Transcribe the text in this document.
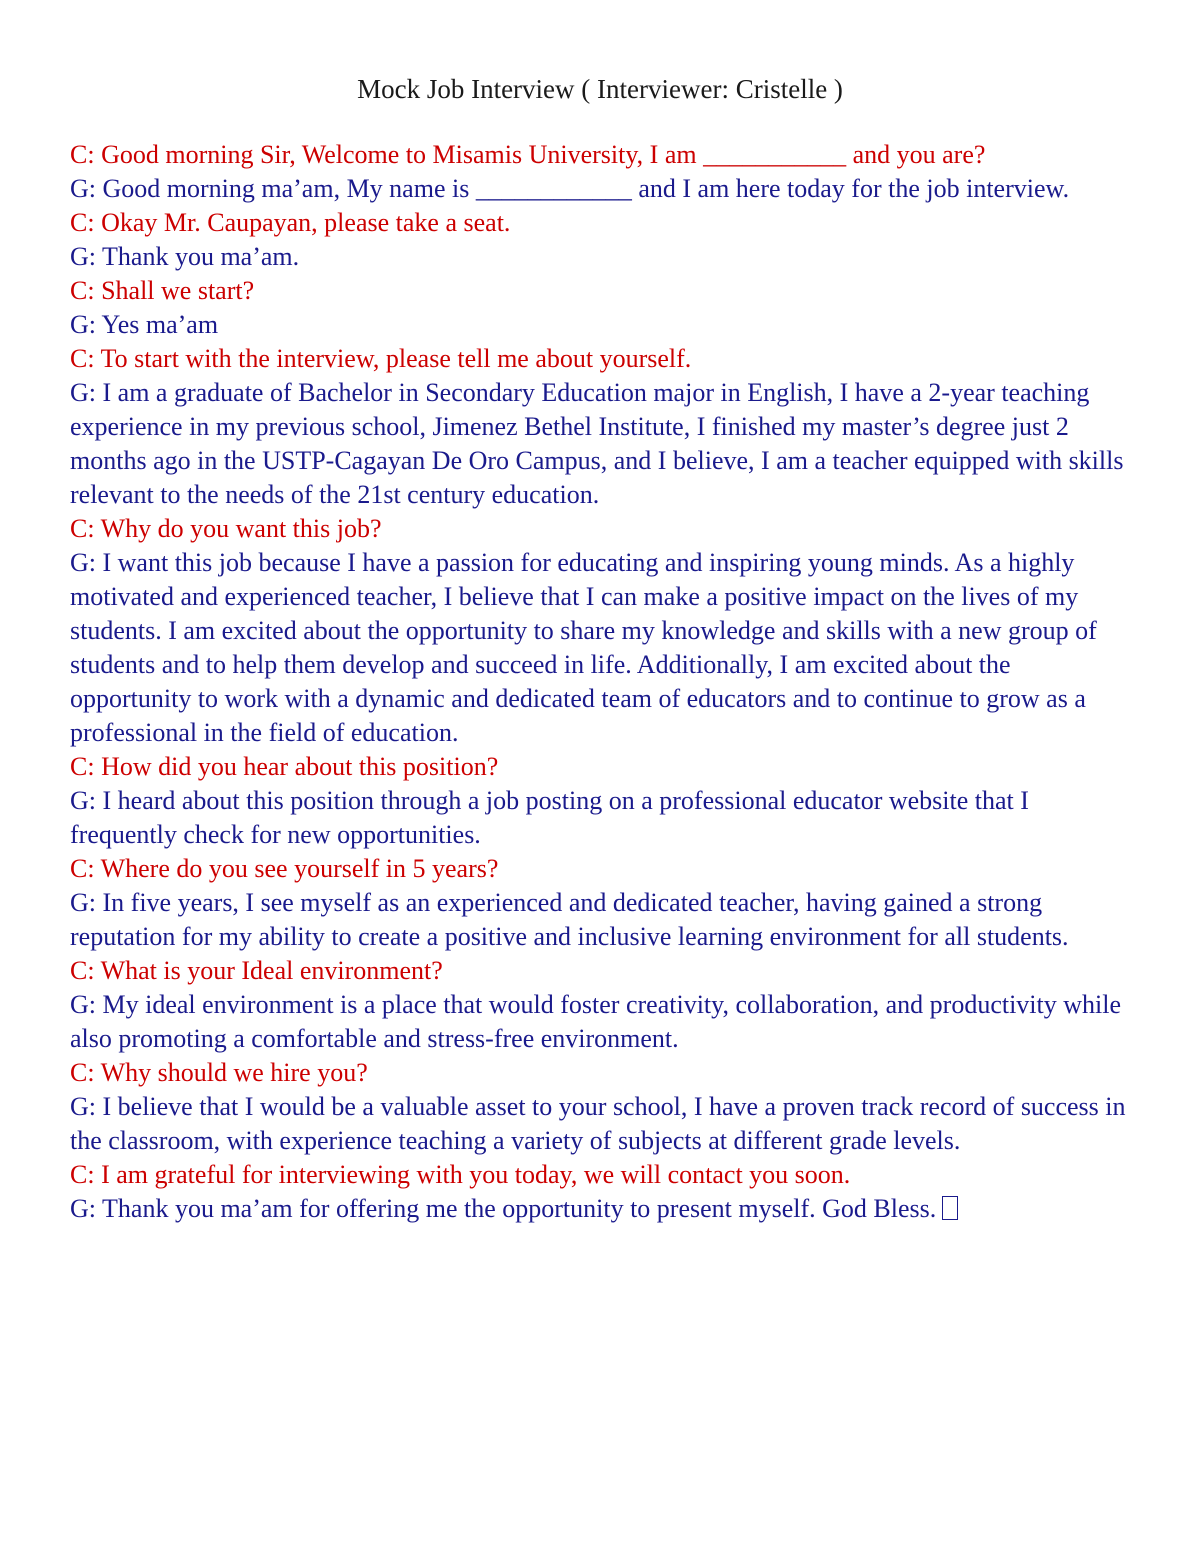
Mock Job Interview ( Interviewer: Cristelle )

C: Good morning Sir, Welcome to Misamis University, I am ___________ and you are?

G: Good morning ma’am, My name is ____________ and I am here today for the job interview.

C: Okay Mr. Caupayan, please take a seat.

G: Thank you ma’am.

C: Shall we start?

G: Yes ma’am

C: To start with the interview, please tell me about yourself.

G: I am a graduate of Bachelor in Secondary Education major in English, I have a 2-year teaching experience in my previous school, Jimenez Bethel Institute, I finished my master’s degree just 2 months ago in the USTP-Cagayan De Oro Campus, and I believe, I am a teacher equipped with skills relevant to the needs of the 21st century education.

C: Why do you want this job?

G: I want this job because I have a passion for educating and inspiring young minds. As a highly motivated and experienced teacher, I believe that I can make a positive impact on the lives of my students. I am excited about the opportunity to share my knowledge and skills with a new group of students and to help them develop and succeed in life. Additionally, I am excited about the opportunity to work with a dynamic and dedicated team of educators and to continue to grow as a professional in the field of education.

C: How did you hear about this position?

G: I heard about this position through a job posting on a professional educator website that I frequently check for new opportunities.

C: Where do you see yourself in 5 years?

G: In five years, I see myself as an experienced and dedicated teacher, having gained a strong reputation for my ability to create a positive and inclusive learning environment for all students.

C: What is your Ideal environment?

G: My ideal environment is a place that would foster creativity, collaboration, and productivity while also promoting a comfortable and stress-free environment.

C: Why should we hire you?

G: I believe that I would be a valuable asset to your school, I have a proven track record of success in the classroom, with experience teaching a variety of subjects at different grade levels.

C: I am grateful for interviewing with you today, we will contact you soon.

G: Thank you ma’am for offering me the opportunity to present myself. God Bless.
